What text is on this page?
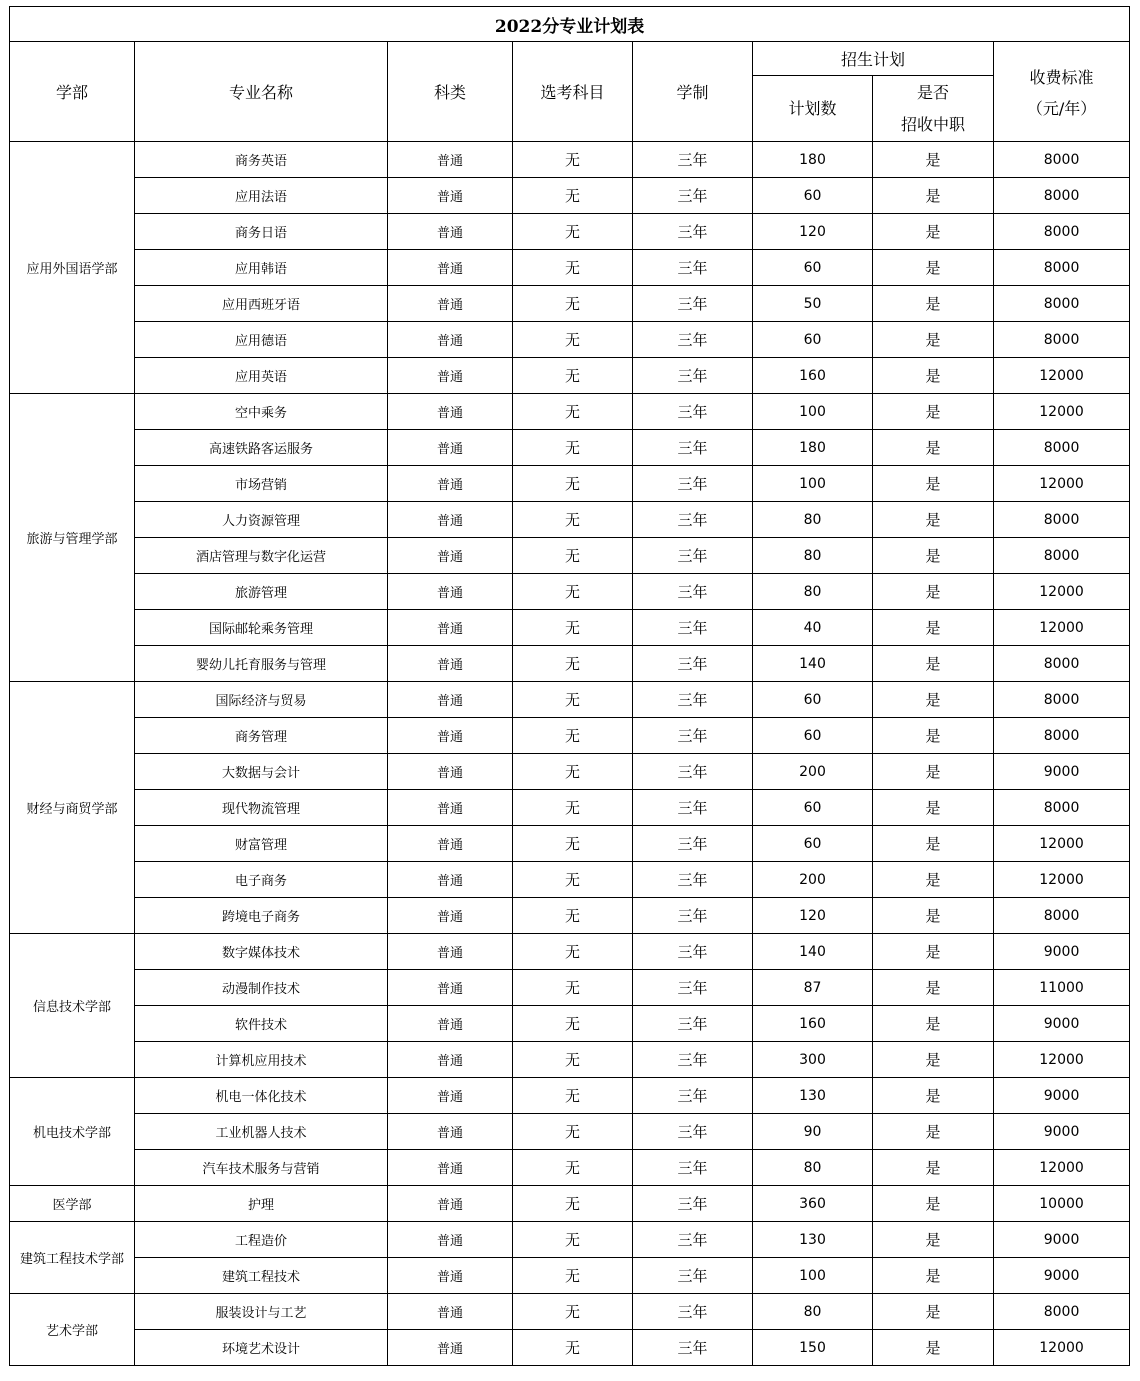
2022分专业计划表							
学部	专业名称	科类	选考科目	学制	招生计划		收费标准
（元/年）

					计划数	是否
招收中职	

应用外国语学部	商务英语	普通	无	三年	180	是	8000
	应用法语	普通	无	三年	60	是	8000
	商务日语	普通	无	三年	120	是	8000
	应用韩语	普通	无	三年	60	是	8000
	应用西班牙语	普通	无	三年	50	是	8000
	应用德语	普通	无	三年	60	是	8000
	应用英语	普通	无	三年	160	是	12000
旅游与管理学部	空中乘务	普通	无	三年	100	是	12000
	高速铁路客运服务	普通	无	三年	180	是	8000
	市场营销	普通	无	三年	100	是	12000
	人力资源管理	普通	无	三年	80	是	8000
	酒店管理与数字化运营	普通	无	三年	80	是	8000
	旅游管理	普通	无	三年	80	是	12000
	国际邮轮乘务管理	普通	无	三年	40	是	12000
	婴幼儿托育服务与管理	普通	无	三年	140	是	8000
财经与商贸学部	国际经济与贸易	普通	无	三年	60	是	8000
	商务管理	普通	无	三年	60	是	8000
	大数据与会计	普通	无	三年	200	是	9000
	现代物流管理	普通	无	三年	60	是	8000
	财富管理	普通	无	三年	60	是	12000
	电子商务	普通	无	三年	200	是	12000
	跨境电子商务	普通	无	三年	120	是	8000
信息技术学部	数字媒体技术	普通	无	三年	140	是	9000
	动漫制作技术	普通	无	三年	87	是	11000
	软件技术	普通	无	三年	160	是	9000
	计算机应用技术	普通	无	三年	300	是	12000
机电技术学部	机电一体化技术	普通	无	三年	130	是	9000
	工业机器人技术	普通	无	三年	90	是	9000
	汽车技术服务与营销	普通	无	三年	80	是	12000
医学部	护理	普通	无	三年	360	是	10000
建筑工程技术学部	工程造价	普通	无	三年	130	是	9000
	建筑工程技术	普通	无	三年	100	是	9000
艺术学部	服装设计与工艺	普通	无	三年	80	是	8000
	环境艺术设计	普通	无	三年	150	是	12000
